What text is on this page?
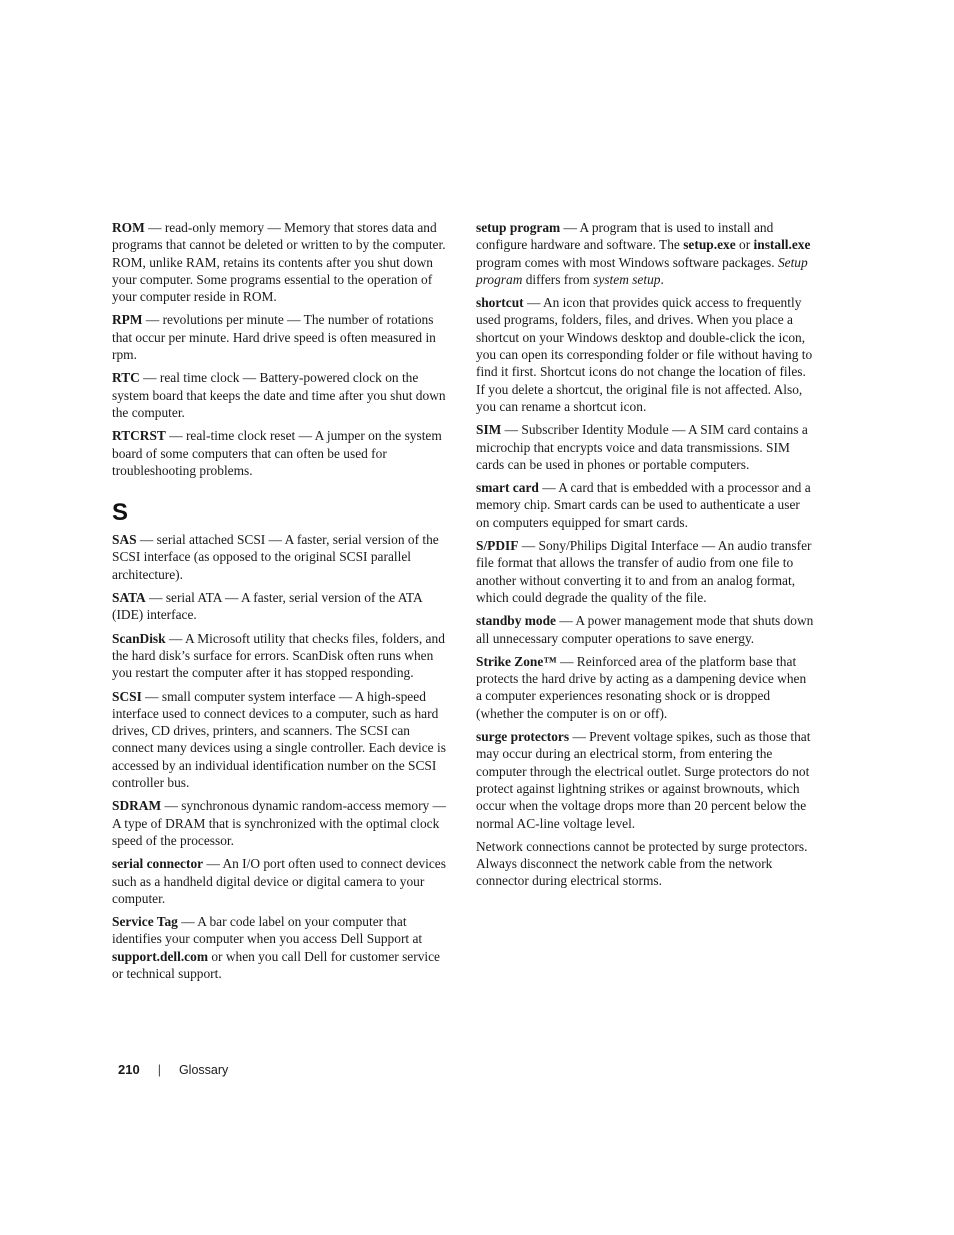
ROM — read-only memory — Memory that stores data and programs that cannot be deleted or written to by the computer. ROM, unlike RAM, retains its contents after you shut down your computer. Some programs essential to the operation of your computer reside in ROM.

RPM — revolutions per minute — The number of rotations that occur per minute. Hard drive speed is often measured in rpm.

RTC — real time clock — Battery-powered clock on the system board that keeps the date and time after you shut down the computer.

RTCRST — real-time clock reset — A jumper on the system board of some computers that can often be used for troubleshooting problems.

S

SAS — serial attached SCSI — A faster, serial version of the SCSI interface (as opposed to the original SCSI parallel architecture).

SATA — serial ATA — A faster, serial version of the ATA (IDE) interface.

ScanDisk — A Microsoft utility that checks files, folders, and the hard disk’s surface for errors. ScanDisk often runs when you restart the computer after it has stopped responding.

SCSI — small computer system interface — A high-speed interface used to connect devices to a computer, such as hard drives, CD drives, printers, and scanners. The SCSI can connect many devices using a single controller. Each device is accessed by an individual identification number on the SCSI controller bus.

SDRAM — synchronous dynamic random-access memory — A type of DRAM that is synchronized with the optimal clock speed of the processor.

serial connector — An I/O port often used to connect devices such as a handheld digital device or digital camera to your computer.

Service Tag — A bar code label on your computer that identifies your computer when you access Dell Support at support.dell.com or when you call Dell for customer service or technical support.

setup program — A program that is used to install and configure hardware and software. The setup.exe or install.exe program comes with most Windows software packages. Setup program differs from system setup.

shortcut — An icon that provides quick access to frequently used programs, folders, files, and drives. When you place a shortcut on your Windows desktop and double-click the icon, you can open its corresponding folder or file without having to find it first. Shortcut icons do not change the location of files. If you delete a shortcut, the original file is not affected. Also, you can rename a shortcut icon.

SIM — Subscriber Identity Module — A SIM card contains a microchip that encrypts voice and data transmissions. SIM cards can be used in phones or portable computers.

smart card — A card that is embedded with a processor and a memory chip. Smart cards can be used to authenticate a user on computers equipped for smart cards.

S/PDIF — Sony/Philips Digital Interface — An audio transfer file format that allows the transfer of audio from one file to another without converting it to and from an analog format, which could degrade the quality of the file.

standby mode — A power management mode that shuts down all unnecessary computer operations to save energy.

Strike Zone™ — Reinforced area of the platform base that protects the hard drive by acting as a dampening device when a computer experiences resonating shock or is dropped (whether the computer is on or off).

surge protectors — Prevent voltage spikes, such as those that may occur during an electrical storm, from entering the computer through the electrical outlet. Surge protectors do not protect against lightning strikes or against brownouts, which occur when the voltage drops more than 20 percent below the normal AC-line voltage level.

Network connections cannot be protected by surge protectors. Always disconnect the network cable from the network connector during electrical storms.

210 | Glossary
